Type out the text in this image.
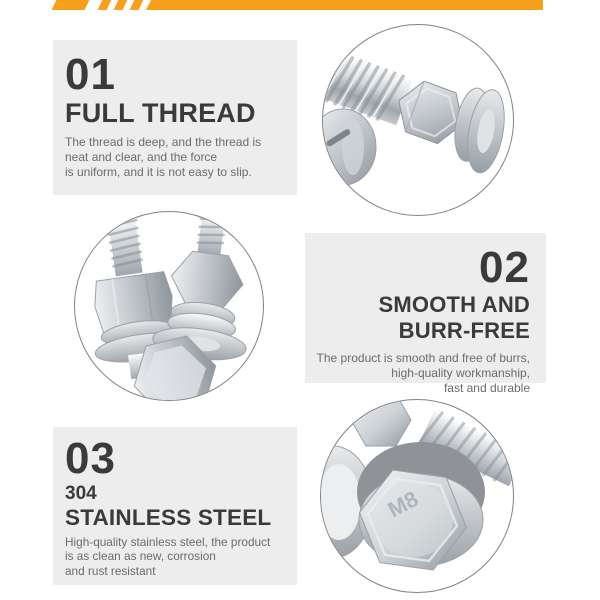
01
FULL THREAD
The thread is deep, and the thread is
neat and clear, and the force
is uniform, and it is not easy to slip.
02
SMOOTH AND
BURR-FREE
The product is smooth and free of burrs,
high-quality workmanship,
fast and durable
03
304
STAINLESS STEEL
High-quality stainless steel, the product
is as clean as new, corrosion
and rust resistant
M8
